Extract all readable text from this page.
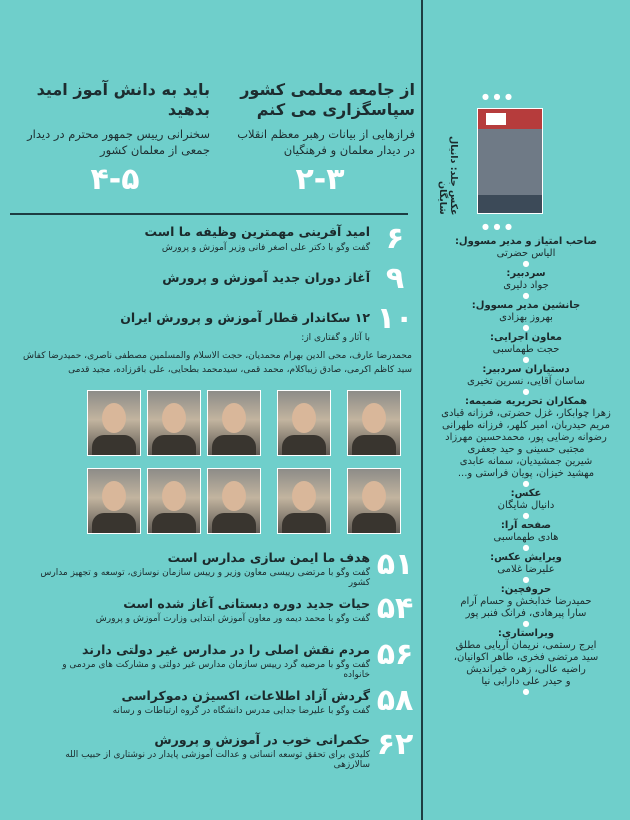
از جامعه معلمی کشور سپاسگزاری می کنم
فرازهایی از بیانات رهبر معظم انقلاب در دیدار معلمان و فرهنگیان
۲-۳
باید به دانش آموز امید بدهید
سخنرانی رییس جمهور محترم در دیدار جمعی از معلمان کشور
۴-۵
۶
امید آفرینی مهمترین وظیفه ما است
گفت وگو با دکتر علی اصغر فانی وزیر آموزش و پرورش
۹
آغاز دوران جدید آموزش و پرورش
۱۰
۱۲ سکاندار قطار آموزش و پرورش ایران
با آثار و گفتاری از:
محمدرضا عارف، محی الدین بهرام محمدیان، حجت الاسلام والمسلمین مصطفی ناصری، حمیدرضا کفاش
سید کاظم اکرمی، صادق زیباکلام، محمد قمی، سیدمحمد بطحایی، علی باقرزاده، مجید قدمی
۵۱
هدف ما ایمن سازی مدارس است
گفت وگو با مرتضی رییسی معاون وزیر و رییس سازمان نوسازی، توسعه و تجهیز مدارس کشور
۵۴
حیات جدید دوره دبستانی آغاز شده است
گفت وگو با محمد دیمه ور معاون آموزش ابتدایی وزارت آموزش و پرورش
۵۶
مردم نقش اصلی را در مدارس غیر دولتی دارند
گفت وگو با مرضیه گرد رییس سازمان مدارس غیر دولتی و مشارکت های مردمی و خانواده
۵۸
گردش آزاد اطلاعات، اکسیژن دموکراسی
گفت وگو با علیرضا جدایی مدرس دانشگاه در گروه ارتباطات و رسانه
۶۲
حکمرانی خوب در آموزش و پرورش
کلیدی برای تحقق توسعه انسانی و عدالت آموزشی پایدار در نوشتاری از حبیب الله سالارزهی
● ● ●
عکس جلد: دانیال شایگان
● ● ●
صاحب امتیاز و مدیر مسوول:
الیاس حضرتی
●
سردبیر:
جواد دلیری
●
جانشین مدیر مسوول:
بهروز بهزادی
●
معاون اجرایی:
حجت طهماسبی
●
دستیاران سردبیر:
ساسان آقایی، نسرین تخیری
●
همکاران تحریریه ضمیمه:
زهرا چوابکار، غزل حضرتی، فرزانه قبادی
مریم حیدربان، امیر کلهر، فرزانه طهرانی
رضوانه رضایی پور، محمدحسین مهرزاد
مجتبی حسینی و حید جعفری
شیرین جمشیدیان، سمانه عابدی
مهشید خیزان، پویان فراستی و...
●
عکس:
دانیال شایگان
●
صفحه آرا:
هادی طهماسبی
●
ویرایش عکس:
علیرضا غلامی
●
حروفچین:
حمیدرضا خدابخش و حسام آرام
سارا پیرهادی، فرانک فنبر پور
●
ویراستاری:
ایرج رستمی، نریمان آریایی مطلق
سید مرتضی فخری، طاهر اکوانیان،
راضیه عالی، زهره خیراندیش
و حیدر علی دارابی نیا
●
